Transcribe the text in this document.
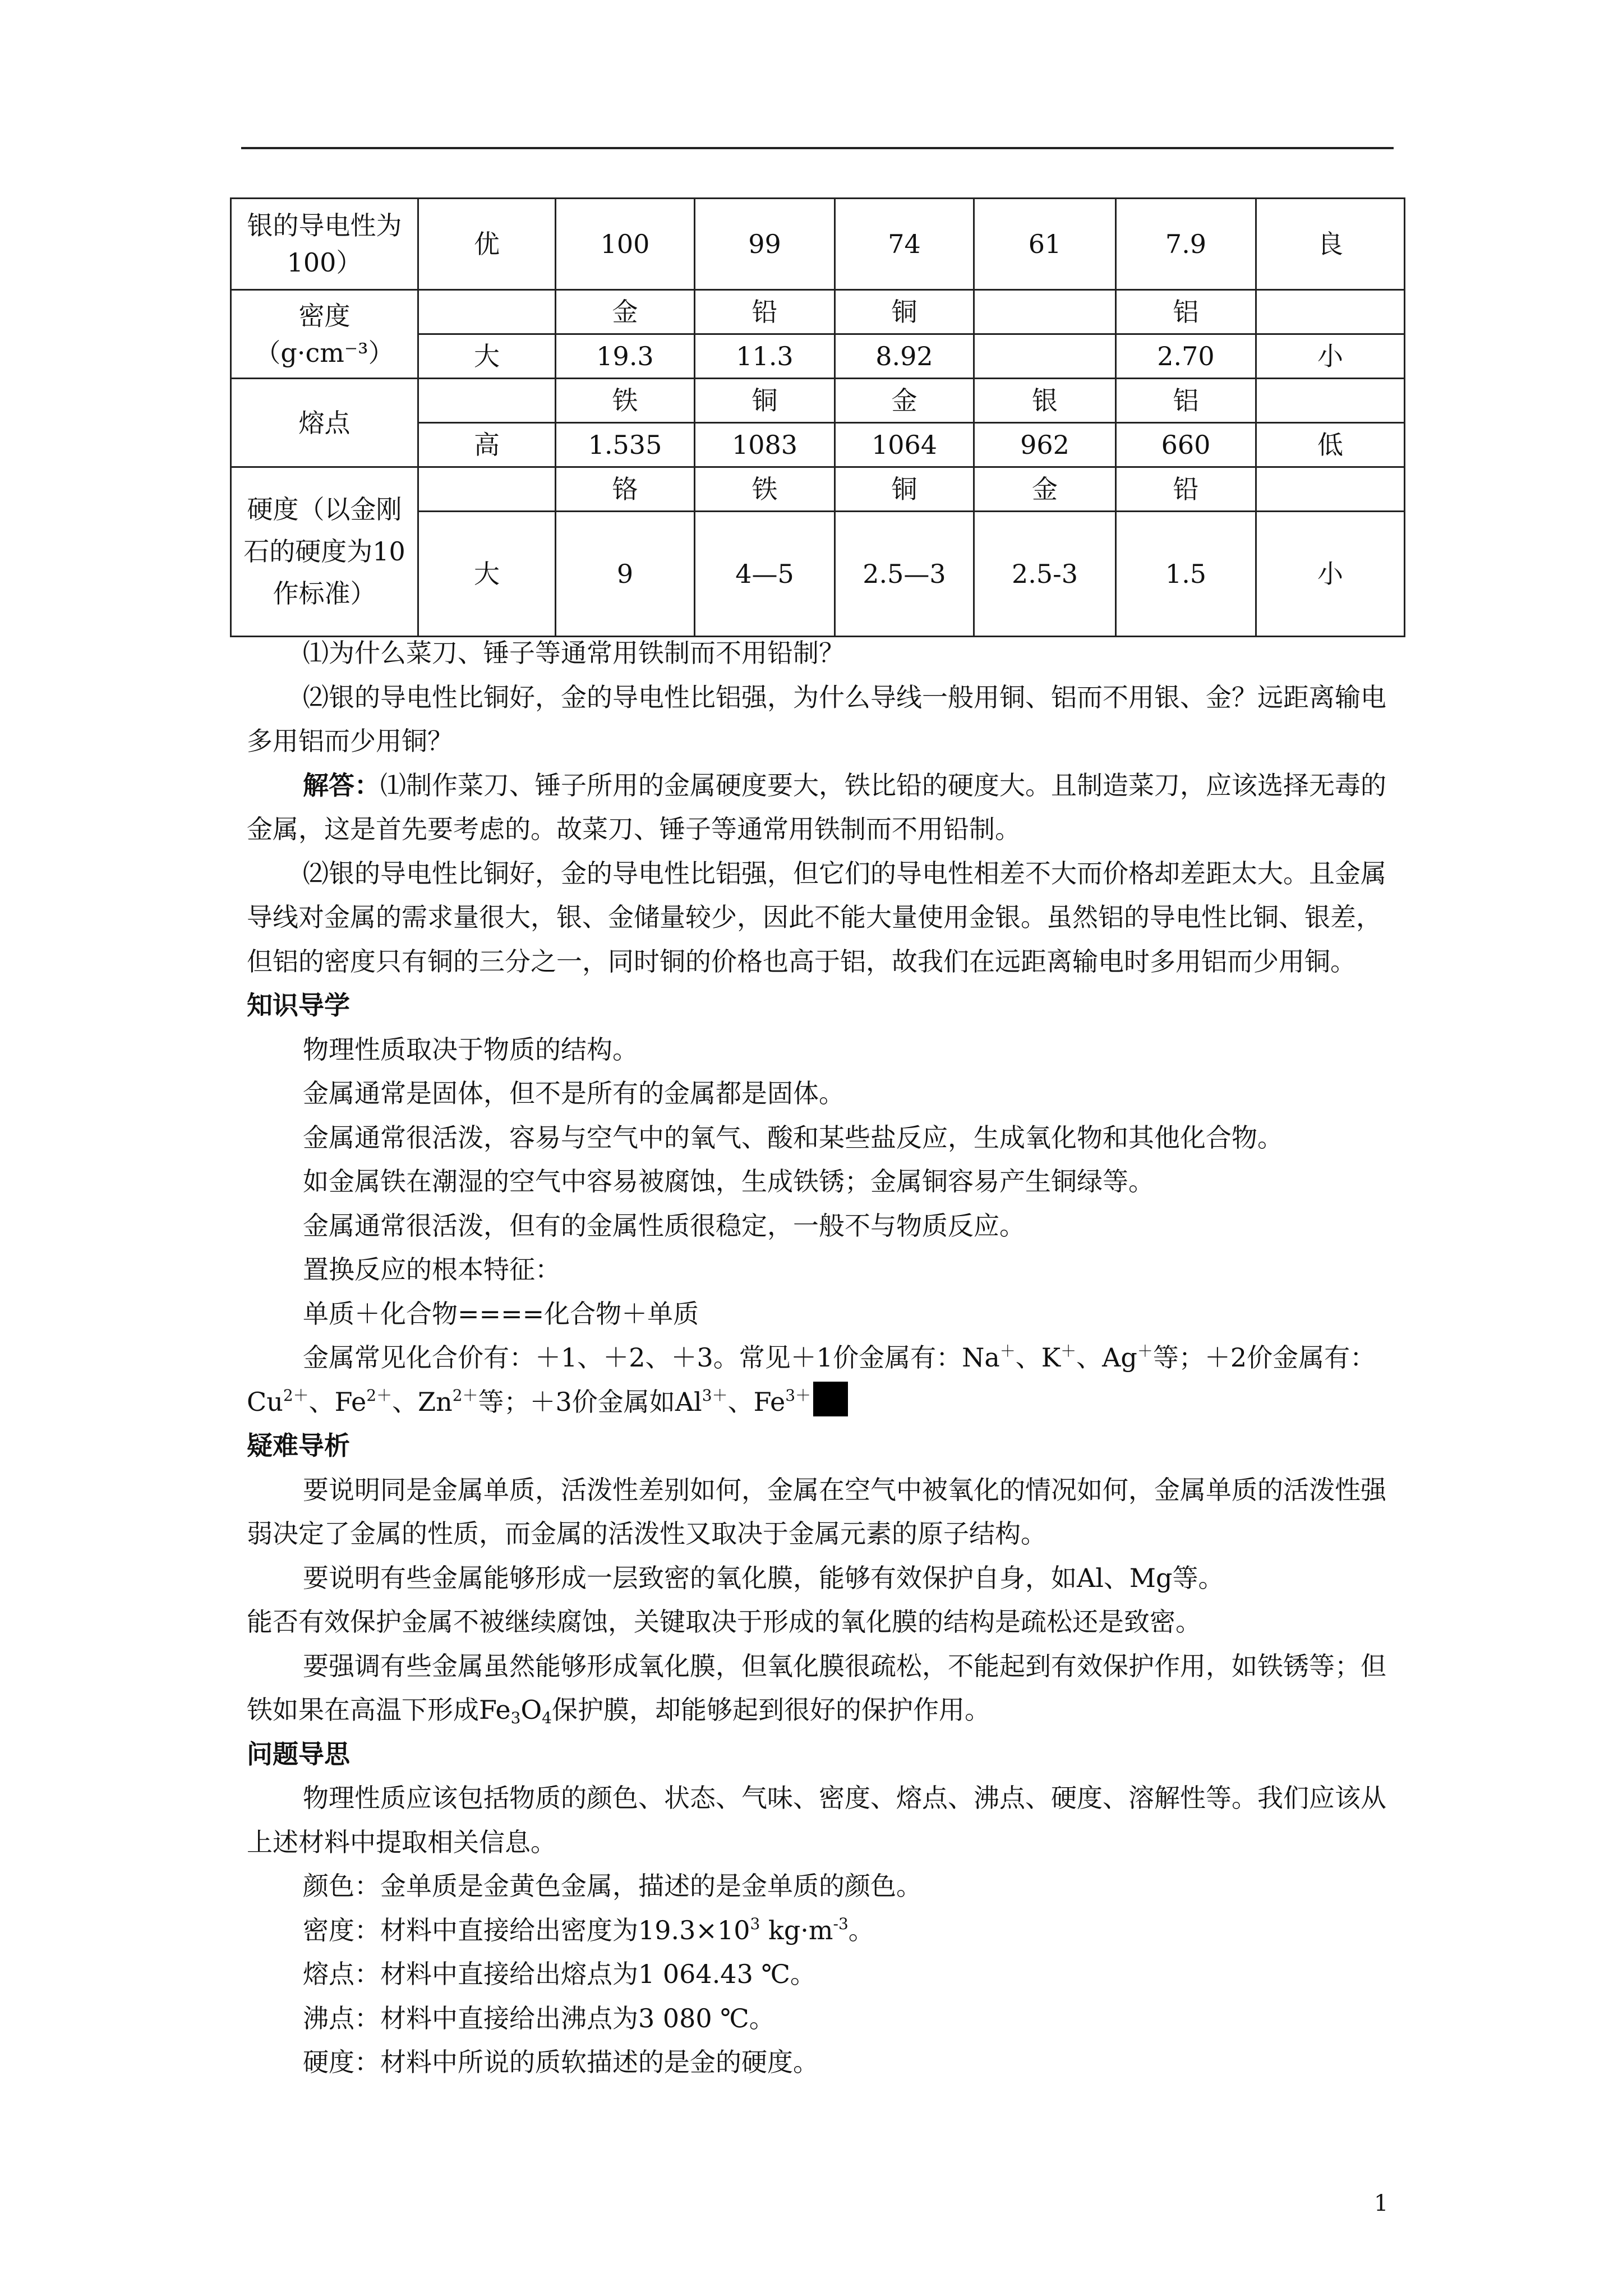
银的导电性为100）	优	100	99	74	61	7.9	良
密度（g·cm⁻³）		金	铅	铜		铝	
	大	19.3	11.3	8.92		2.70	小
熔点		铁	铜	金	银	铝	
	高	1.535	1083	1064	962	660	低
硬度（以金刚石的硬度为10作标准）		铬	铁	铜	金	铅	
	大	9	4—5	2.5—3	2.5-3	1.5	小

⑴为什么菜刀、锤子等通常用铁制而不用铅制？

⑵银的导电性比铜好，金的导电性比铝强，为什么导线一般用铜、铝而不用银、金？远距离输电多用铝而少用铜？

解答：⑴制作菜刀、锤子所用的金属硬度要大，铁比铅的硬度大。且制造菜刀，应该选择无毒的金属，这是首先要考虑的。故菜刀、锤子等通常用铁制而不用铅制。

⑵银的导电性比铜好，金的导电性比铝强，但它们的导电性相差不大而价格却差距太大。且金属导线对金属的需求量很大，银、金储量较少，因此不能大量使用金银。虽然铝的导电性比铜、银差，但铝的密度只有铜的三分之一，同时铜的价格也高于铝，故我们在远距离输电时多用铝而少用铜。

知识导学

物理性质取决于物质的结构。

金属通常是固体，但不是所有的金属都是固体。

金属通常很活泼，容易与空气中的氧气、酸和某些盐反应，生成氧化物和其他化合物。

如金属铁在潮湿的空气中容易被腐蚀，生成铁锈；金属铜容易产生铜绿等。

金属通常很活泼，但有的金属性质很稳定，一般不与物质反应。

置换反应的根本特征：

单质＋化合物====化合物＋单质

金属常见化合价有：＋1、＋2、＋3。常见＋1价金属有：Na＋、K＋、Ag＋等；＋2价金属有：$Cu^{2+}$、$Fe^{2+}$、$Zn^{2+}$等；＋3价金属如$Al^{3+}$、$Fe^{3+}$

疑难导析

要说明同是金属单质，活泼性差别如何，金属在空气中被氧化的情况如何，金属单质的活泼性强弱决定了金属的性质，而金属的活泼性又取决于金属元素的原子结构。

要说明有些金属能够形成一层致密的氧化膜，能够有效保护自身，如Al、Mg等。

能否有效保护金属不被继续腐蚀，关键取决于形成的氧化膜的结构是疏松还是致密。

要强调有些金属虽然能够形成氧化膜，但氧化膜很疏松，不能起到有效保护作用，如铁锈等；但铁如果在高温下形成$Fe_3O_4$保护膜，却能够起到很好的保护作用。

问题导思

物理性质应该包括物质的颜色、状态、气味、密度、熔点、沸点、硬度、溶解性等。我们应该从上述材料中提取相关信息。

颜色：金单质是金黄色金属，描述的是金单质的颜色。

密度：材料中直接给出密度为$19.3\times 10^3$ $kg\cdot m^{-3}$。

熔点：材料中直接给出熔点为1 064.43 ℃。

沸点：材料中直接给出沸点为3 080 ℃。

硬度：材料中所说的质软描述的是金的硬度。

1
